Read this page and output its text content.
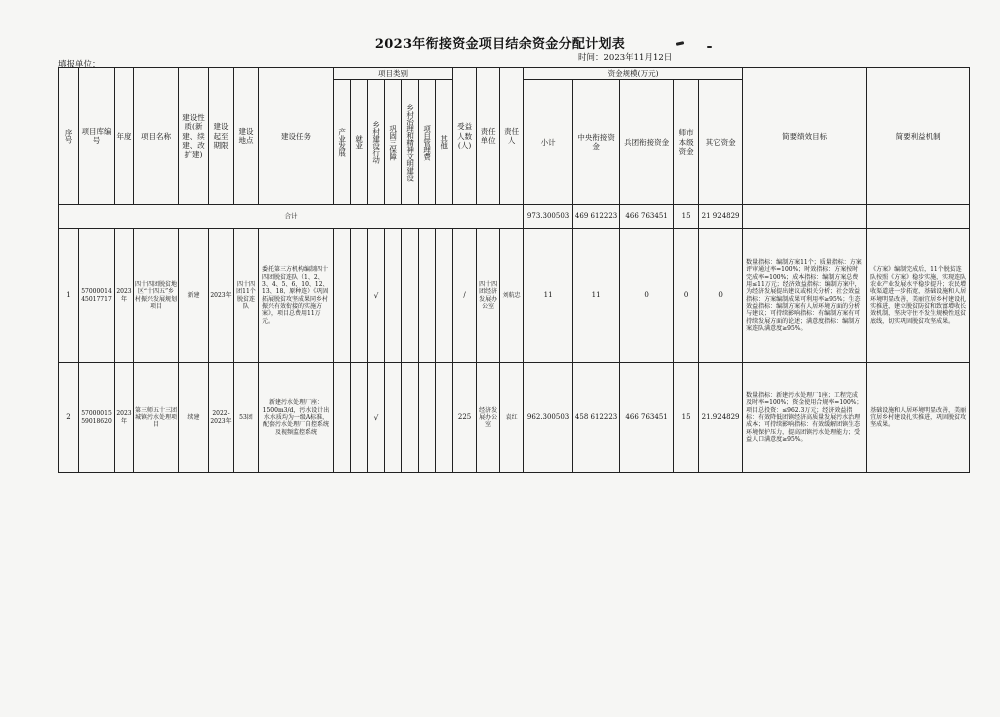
2023年衔接资金项目结余资金分配计划表
时间：2023年11月12日
填报单位：
序号	项目库编号	年度	项目名称	建设性质(新建、续建、改扩建)	建设起至期限	建设地点	建设任务	项目类别							受益人数(人)	责任单位	责任人	资金规模(万元)					简要绩效目标	简要利益机制

								产业发展	就业	乡村建设行动	巩固三保障	乡村治理和精神文明建设	项目管理费	其他				小计	中央衔接资金	兵团衔接资金	师市本级资金	其它资金		
合计																		973.300503	469 612223	466 763451	15	21 924829		
1	5700001445017717	2023年	四十四团脱贫地区“十四五”乡村振兴发展规划项目	新建	2023年	四十四团11个脱贫连队	委托第三方机构编制四十四团脱贫连队（1、2、3、4、5、6、10、12、13、18、原种连）《巩固拓展脱贫攻坚成果同乡村振兴有效衔接的实施方案》，项目总费用11万元。			√					/	四十四团经济发展办公室	刘航忠	11	11	0	0	0	数量指标：编制方案11个；质量指标：方案评审通过率=100%；时效指标：方案按时完成率=100%；成本指标：编制方案总费用≤11万元；经济效益指标：编制方案中，为经济发展提出建议或相关分析；社会效益指标：方案编制成果可利用率≥95%；生态效益指标：编制方案有人居环境方面的分析与建议；可持续影响指标：有编制方案有可持续发展方面的论述；满意度指标：编制方案连队满意度≥95%。	《方案》编制完成后，11个脱贫连队按照《方案》稳步实施，实现连队农业产业发展水平稳步提升；农民增收渠道进一步拓宽，基础设施和人居环境明显改善，美丽宜居乡村建设扎实推进，建立脱贫防贫和致富增收长效机制，坚决守住不发生规模性返贫底线，切实巩固脱贫攻坚成果。
2	5700001559018620	2023年	第三师五十三团城镇污水处理项目	续建	2022-2023年	53团	新建污水处理厂座：1500m3/d，污水设计出水水质均为一级A标准，配套污水处理厂自控系统及视频监控系统			√					225	经济发展办公室	袁红	962.300503	458 612223	466 763451	15	21.924829	数量指标：新建污水处理厂1座；工程完成及时率=100%；资金使用合规率=100%；项目总投资：≤962.3万元；经济效益指标：有效降低团镇经济高质量发展污水治理成本；可持续影响指标：有效缓解团镇生态环境保护压力，提高团镇污水处理能力；受益人口满意度≥95%。	基础设施和人居环境明显改善，美丽宜居乡村建设扎实推进，巩固脱贫攻坚成果。
